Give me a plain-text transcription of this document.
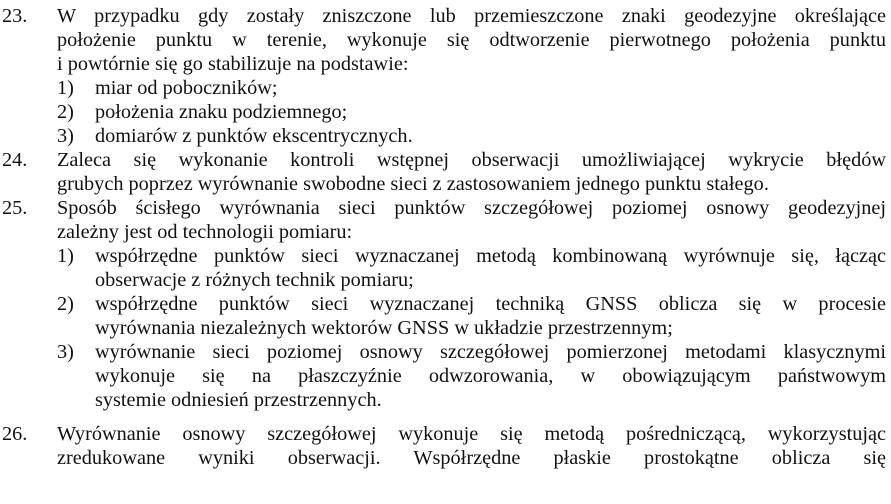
23. W przypadku gdy zostały zniszczone lub przemieszczone znaki geodezyjne określające
położenie punktu w terenie, wykonuje się odtworzenie pierwotnego położenia punktu
i powtórnie się go stabilizuje na podstawie:
1) miar od poboczników;
2) położenia znaku podziemnego;
3) domiarów z punktów ekscentrycznych.
24. Zaleca się wykonanie kontroli wstępnej obserwacji umożliwiającej wykrycie błędów
grubych poprzez wyrównanie swobodne sieci z zastosowaniem jednego punktu stałego.
25. Sposób ścisłego wyrównania sieci punktów szczegółowej poziomej osnowy geodezyjnej
zależny jest od technologii pomiaru:
1) współrzędne punktów sieci wyznaczanej metodą kombinowaną wyrównuje się, łącząc
obserwacje z różnych technik pomiaru;
2) współrzędne punktów sieci wyznaczanej techniką GNSS oblicza się w procesie
wyrównania niezależnych wektorów GNSS w układzie przestrzennym;
3) wyrównanie sieci poziomej osnowy szczegółowej pomierzonej metodami klasycznymi
wykonuje się na płaszczyźnie odwzorowania, w obowiązującym państwowym
systemie odniesień przestrzennych.
26. Wyrównanie osnowy szczegółowej wykonuje się metodą pośredniczącą, wykorzystując
zredukowane wyniki obserwacji. Współrzędne płaskie prostokątne oblicza się
